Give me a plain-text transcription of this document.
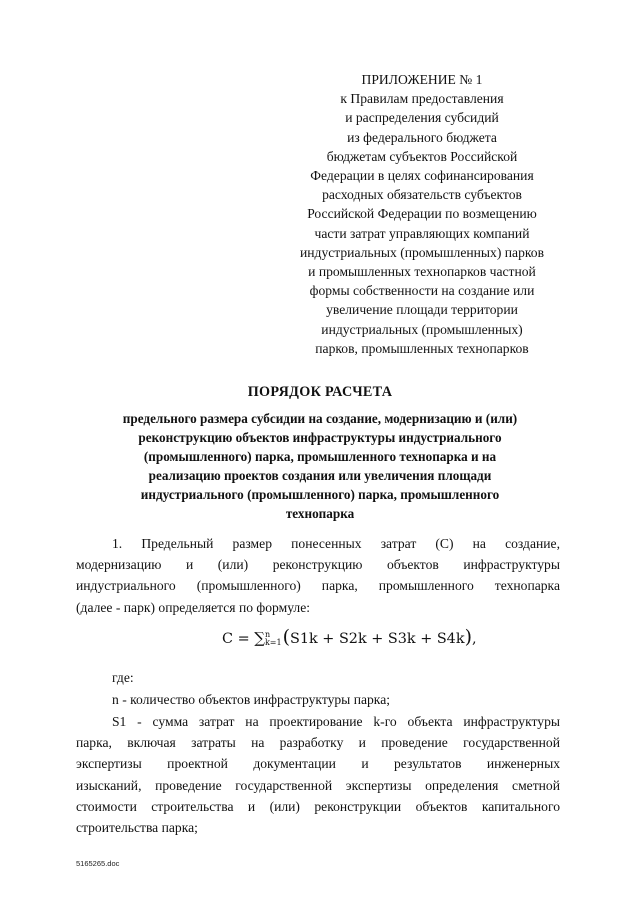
ПРИЛОЖЕНИЕ № 1
к Правилам предоставления
и распределения субсидий
из федерального бюджета
бюджетам субъектов Российской
Федерации в целях софинансирования
расходных обязательств субъектов
Российской Федерации по возмещению
части затрат управляющих компаний
индустриальных (промышленных) парков
и промышленных технопарков частной
формы собственности на создание или
увеличение площади территории
индустриальных (промышленных)
парков, промышленных технопарков
ПОРЯДОК РАСЧЕТА
предельного размера субсидии на создание, модернизацию и (или)
реконструкцию объектов инфраструктуры индустриального
(промышленного) парка, промышленного технопарка и на
реализацию проектов создания или увеличения площади
индустриального (промышленного) парка, промышленного
технопарка
1. Предельный размер понесенных затрат (С) на создание,
модернизацию и (или) реконструкцию объектов инфраструктуры
индустриального (промышленного) парка, промышленного технопарка
(далее - парк) определяется по формуле:
C = ∑ n
k=1 (S1k + S2k + S3k + S4k),
где:
n - количество объектов инфраструктуры парка;
S1 - сумма затрат на проектирование k-го объекта инфраструктуры
парка, включая затраты на разработку и проведение государственной
экспертизы проектной документации и результатов инженерных
изысканий, проведение государственной экспертизы определения сметной
стоимости строительства и (или) реконструкции объектов капитального
строительства парка;
5165265.doc
